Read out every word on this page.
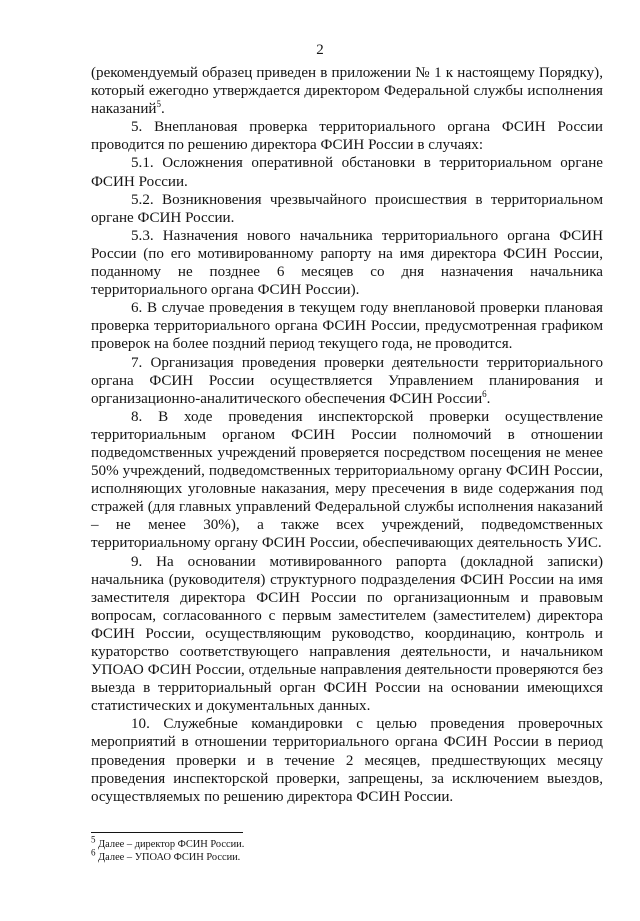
2

(рекомендуемый образец приведен в приложении № 1 к настоящему Порядку), который ежегодно утверждается директором Федеральной службы исполнения наказаний$^5$.

5. Внеплановая проверка территориального органа ФСИН России проводится по решению директора ФСИН России в случаях:

5.1. Осложнения оперативной обстановки в территориальном органе ФСИН России.

5.2. Возникновения чрезвычайного происшествия в территориальном органе ФСИН России.

5.3. Назначения нового начальника территориального органа ФСИН России (по его мотивированному рапорту на имя директора ФСИН России, поданному не позднее 6 месяцев со дня назначения начальника территориального органа ФСИН России).

6. В случае проведения в текущем году внеплановой проверки плановая проверка территориального органа ФСИН России, предусмотренная графиком проверок на более поздний период текущего года, не проводится.

7. Организация проведения проверки деятельности территориального органа ФСИН России осуществляется Управлением планирования и организационно-аналитического обеспечения ФСИН России$^6$.

8. В ходе проведения инспекторской проверки осуществление территориальным органом ФСИН России полномочий в отношении подведомственных учреждений проверяется посредством посещения не менее 50% учреждений, подведомственных территориальному органу ФСИН России, исполняющих уголовные наказания, меру пресечения в виде содержания под стражей (для главных управлений Федеральной службы исполнения наказаний – не менее 30%), а также всех учреждений, подведомственных территориальному органу ФСИН России, обеспечивающих деятельность УИС.

9. На основании мотивированного рапорта (докладной записки) начальника (руководителя) структурного подразделения ФСИН России на имя заместителя директора ФСИН России по организационным и правовым вопросам, согласованного с первым заместителем (заместителем) директора ФСИН России, осуществляющим руководство, координацию, контроль и кураторство соответствующего направления деятельности, и начальником УПОАО ФСИН России, отдельные направления деятельности проверяются без выезда в территориальный орган ФСИН России на основании имеющихся статистических и документальных данных.

10. Служебные командировки с целью проведения проверочных мероприятий в отношении территориального органа ФСИН России в период проведения проверки и в течение 2 месяцев, предшествующих месяцу проведения инспекторской проверки, запрещены, за исключением выездов, осуществляемых по решению директора ФСИН России.

$^5$ Далее – директор ФСИН России.

$^6$ Далее – УПОАО ФСИН России.
